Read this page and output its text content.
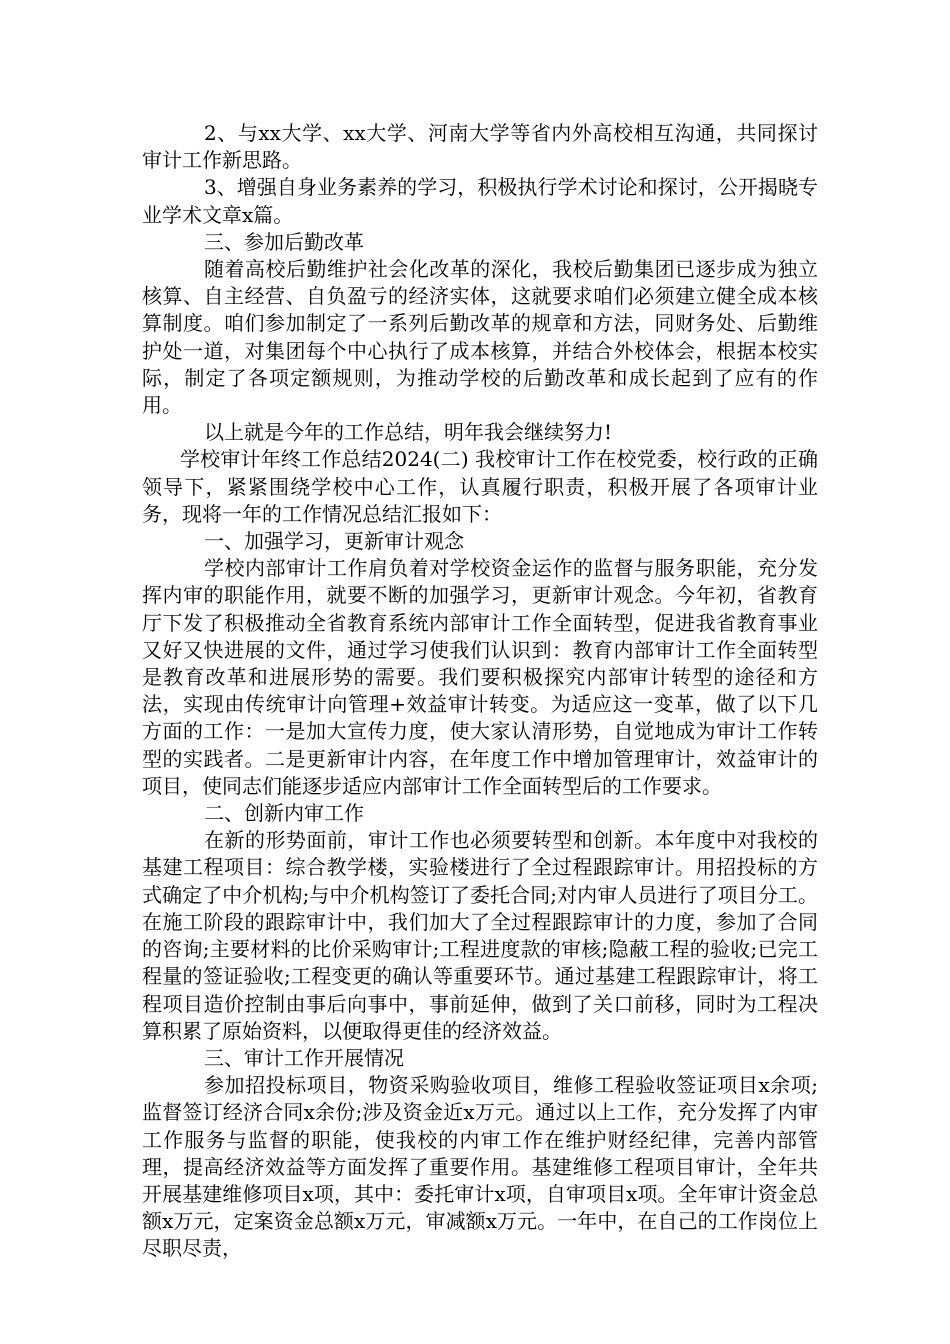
2、与xx大学、xx大学、河南大学等省内外高校相互沟通，共同探讨审计工作新思路。

3、增强自身业务素养的学习，积极执行学术讨论和探讨，公开揭晓专业学术文章x篇。

三、参加后勤改革

随着高校后勤维护社会化改革的深化，我校后勤集团已逐步成为独立核算、自主经营、自负盈亏的经济实体，这就要求咱们必须建立健全成本核算制度。咱们参加制定了一系列后勤改革的规章和方法，同财务处、后勤维护处一道，对集团每个中心执行了成本核算，并结合外校体会，根据本校实际，制定了各项定额规则，为推动学校的后勤改革和成长起到了应有的作用。

以上就是今年的工作总结，明年我会继续努力!

学校审计年终工作总结2024(二) 我校审计工作在校党委，校行政的正确领导下，紧紧围绕学校中心工作，认真履行职责，积极开展了各项审计业务，现将一年的工作情况总结汇报如下：

一、加强学习，更新审计观念

学校内部审计工作肩负着对学校资金运作的监督与服务职能，充分发挥内审的职能作用，就要不断的加强学习，更新审计观念。今年初，省教育厅下发了积极推动全省教育系统内部审计工作全面转型，促进我省教育事业又好又快进展的文件，通过学习使我们认识到：教育内部审计工作全面转型是教育改革和进展形势的需要。我们要积极探究内部审计转型的途径和方法，实现由传统审计向管理+效益审计转变。为适应这一变革，做了以下几方面的工作：一是加大宣传力度，使大家认清形势，自觉地成为审计工作转型的实践者。二是更新审计内容，在年度工作中增加管理审计，效益审计的项目，使同志们能逐步适应内部审计工作全面转型后的工作要求。

二、创新内审工作

在新的形势面前，审计工作也必须要转型和创新。本年度中对我校的基建工程项目：综合教学楼，实验楼进行了全过程跟踪审计。用招投标的方式确定了中介机构;与中介机构签订了委托合同;对内审人员进行了项目分工。在施工阶段的跟踪审计中，我们加大了全过程跟踪审计的力度，参加了合同的咨询;主要材料的比价采购审计;工程进度款的审核;隐蔽工程的验收;已完工程量的签证验收;工程变更的确认等重要环节。通过基建工程跟踪审计，将工程项目造价控制由事后向事中，事前延伸，做到了关口前移，同时为工程决算积累了原始资料，以便取得更佳的经济效益。

三、审计工作开展情况

参加招投标项目，物资采购验收项目，维修工程验收签证项目x余项;监督签订经济合同x余份;涉及资金近x万元。通过以上工作，充分发挥了内审工作服务与监督的职能，使我校的内审工作在维护财经纪律，完善内部管理，提高经济效益等方面发挥了重要作用。基建维修工程项目审计，全年共开展基建维修项目x项，其中：委托审计x项，自审项目x项。全年审计资金总额x万元，定案资金总额x万元，审减额x万元。一年中，在自己的工作岗位上尽职尽责，
